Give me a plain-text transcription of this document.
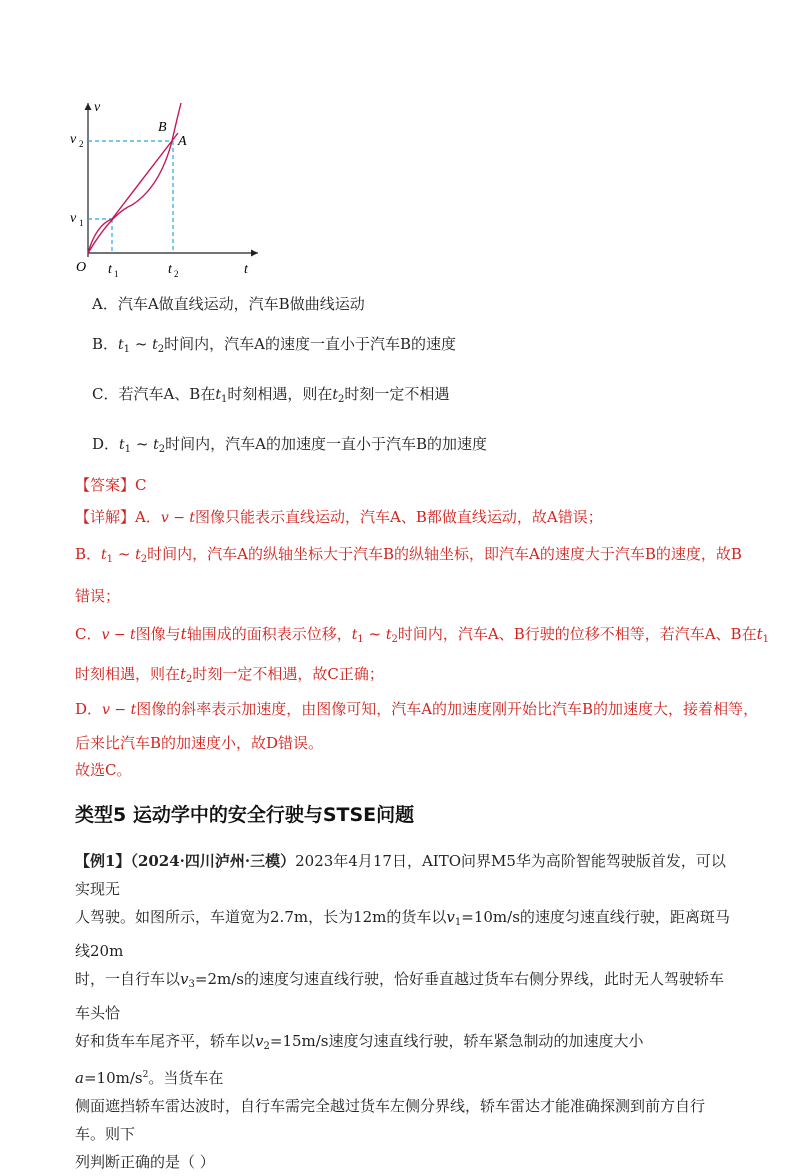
v
t
O
v 2
v 1
t 1	t 2
B
A
A．汽车A做直线运动，汽车B做曲线运动
B．$t_1$ ~ $t_2$时间内，汽车A的速度一直小于汽车B的速度
C．若汽车A、B在$t_1$时刻相遇，则在$t_2$时刻一定不相遇
D．$t_1$ ~ $t_2$时间内，汽车A的加速度一直小于汽车B的加速度
【答案】C
【详解】A．v − t图像只能表示直线运动，汽车A、B都做直线运动，故A错误；
B．$t_1$ ~ $t_2$时间内，汽车A的纵轴坐标大于汽车B的纵轴坐标，即汽车A的速度大于汽车B的速度，故B
错误；
C．v − t图像与t轴围成的面积表示位移，$t_1$ ~ $t_2$时间内，汽车A、B行驶的位移不相等，若汽车A、B在$t_1$
时刻相遇，则在$t_2$时刻一定不相遇，故C正确；
D．v − t图像的斜率表示加速度，由图像可知，汽车A的加速度刚开始比汽车B的加速度大，接着相等，
后来比汽车B的加速度小，故D错误。
故选C。
类型5 运动学中的安全行驶与STSE问题
【例1】（2024·四川泸州·三模）2023年4月17日，AITO问界M5华为高阶智能驾驶版首发，可以实现无
人驾驶。如图所示，车道宽为2.7m，长为12m的货车以$v_1=10m/s$的速度匀速直线行驶，距离斑马线20m
时，一自行车以$v_3=2m/s$的速度匀速直线行驶，恰好垂直越过货车右侧分界线，此时无人驾驶轿车车头恰
好和货车车尾齐平，轿车以$v_2=15m/s$速度匀速直线行驶，轿车紧急制动的加速度大小$a=10m/s^2$。当货车在
侧面遮挡轿车雷达波时，自行车需完全越过货车左侧分界线，轿车雷达才能准确探测到前方自行车。则下
列判断正确的是（ ）
